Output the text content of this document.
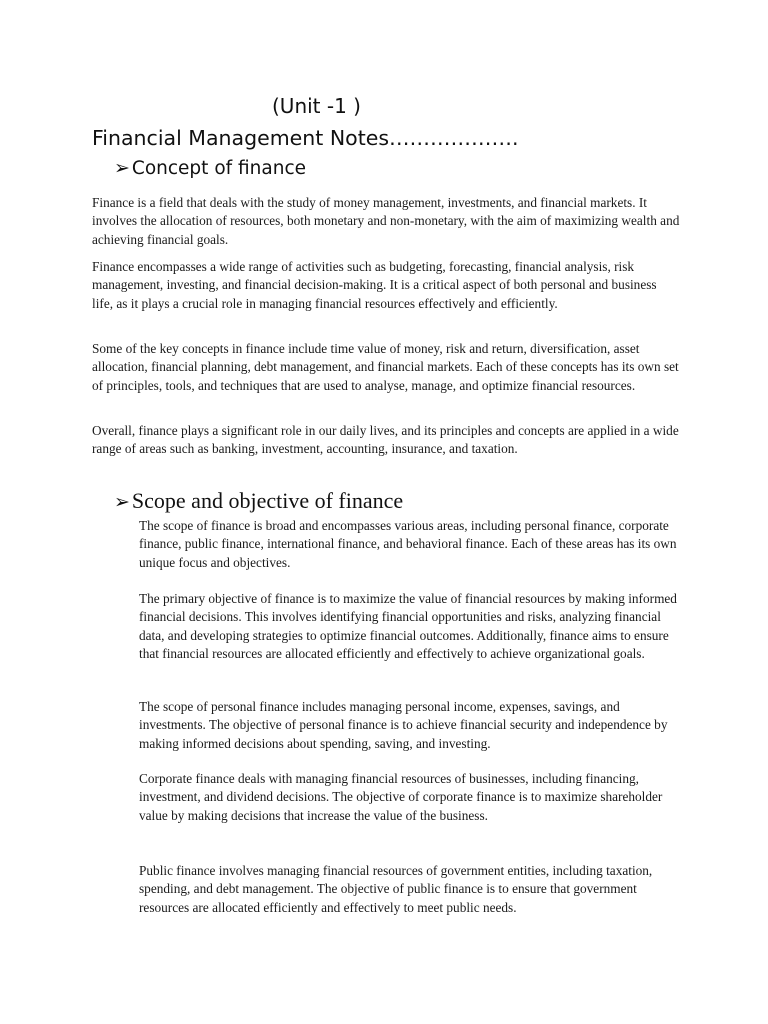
(Unit -1 )
Financial Management Notes……………….
➢ Concept of finance

Finance is a field that deals with the study of money management, investments, and financial markets. It involves the allocation of resources, both monetary and non-monetary, with the aim of maximizing wealth and achieving financial goals.

Finance encompasses a wide range of activities such as budgeting, forecasting, financial analysis, risk management, investing, and financial decision-making. It is a critical aspect of both personal and business life, as it plays a crucial role in managing financial resources effectively and efficiently.

Some of the key concepts in finance include time value of money, risk and return, diversification, asset allocation, financial planning, debt management, and financial markets. Each of these concepts has its own set of principles, tools, and techniques that are used to analyse, manage, and optimize financial resources.

Overall, finance plays a significant role in our daily lives, and its principles and concepts are applied in a wide range of areas such as banking, investment, accounting, insurance, and taxation.

➢Scope and objective of finance

The scope of finance is broad and encompasses various areas, including personal finance, corporate finance, public finance, international finance, and behavioral finance. Each of these areas has its own unique focus and objectives.

The primary objective of finance is to maximize the value of financial resources by making informed financial decisions. This involves identifying financial opportunities and risks, analyzing financial data, and developing strategies to optimize financial outcomes. Additionally, finance aims to ensure that financial resources are allocated efficiently and effectively to achieve organizational goals.

The scope of personal finance includes managing personal income, expenses, savings, and investments. The objective of personal finance is to achieve financial security and independence by making informed decisions about spending, saving, and investing.

Corporate finance deals with managing financial resources of businesses, including financing, investment, and dividend decisions. The objective of corporate finance is to maximize shareholder value by making decisions that increase the value of the business.

Public finance involves managing financial resources of government entities, including taxation, spending, and debt management. The objective of public finance is to ensure that government resources are allocated efficiently and effectively to meet public needs.
